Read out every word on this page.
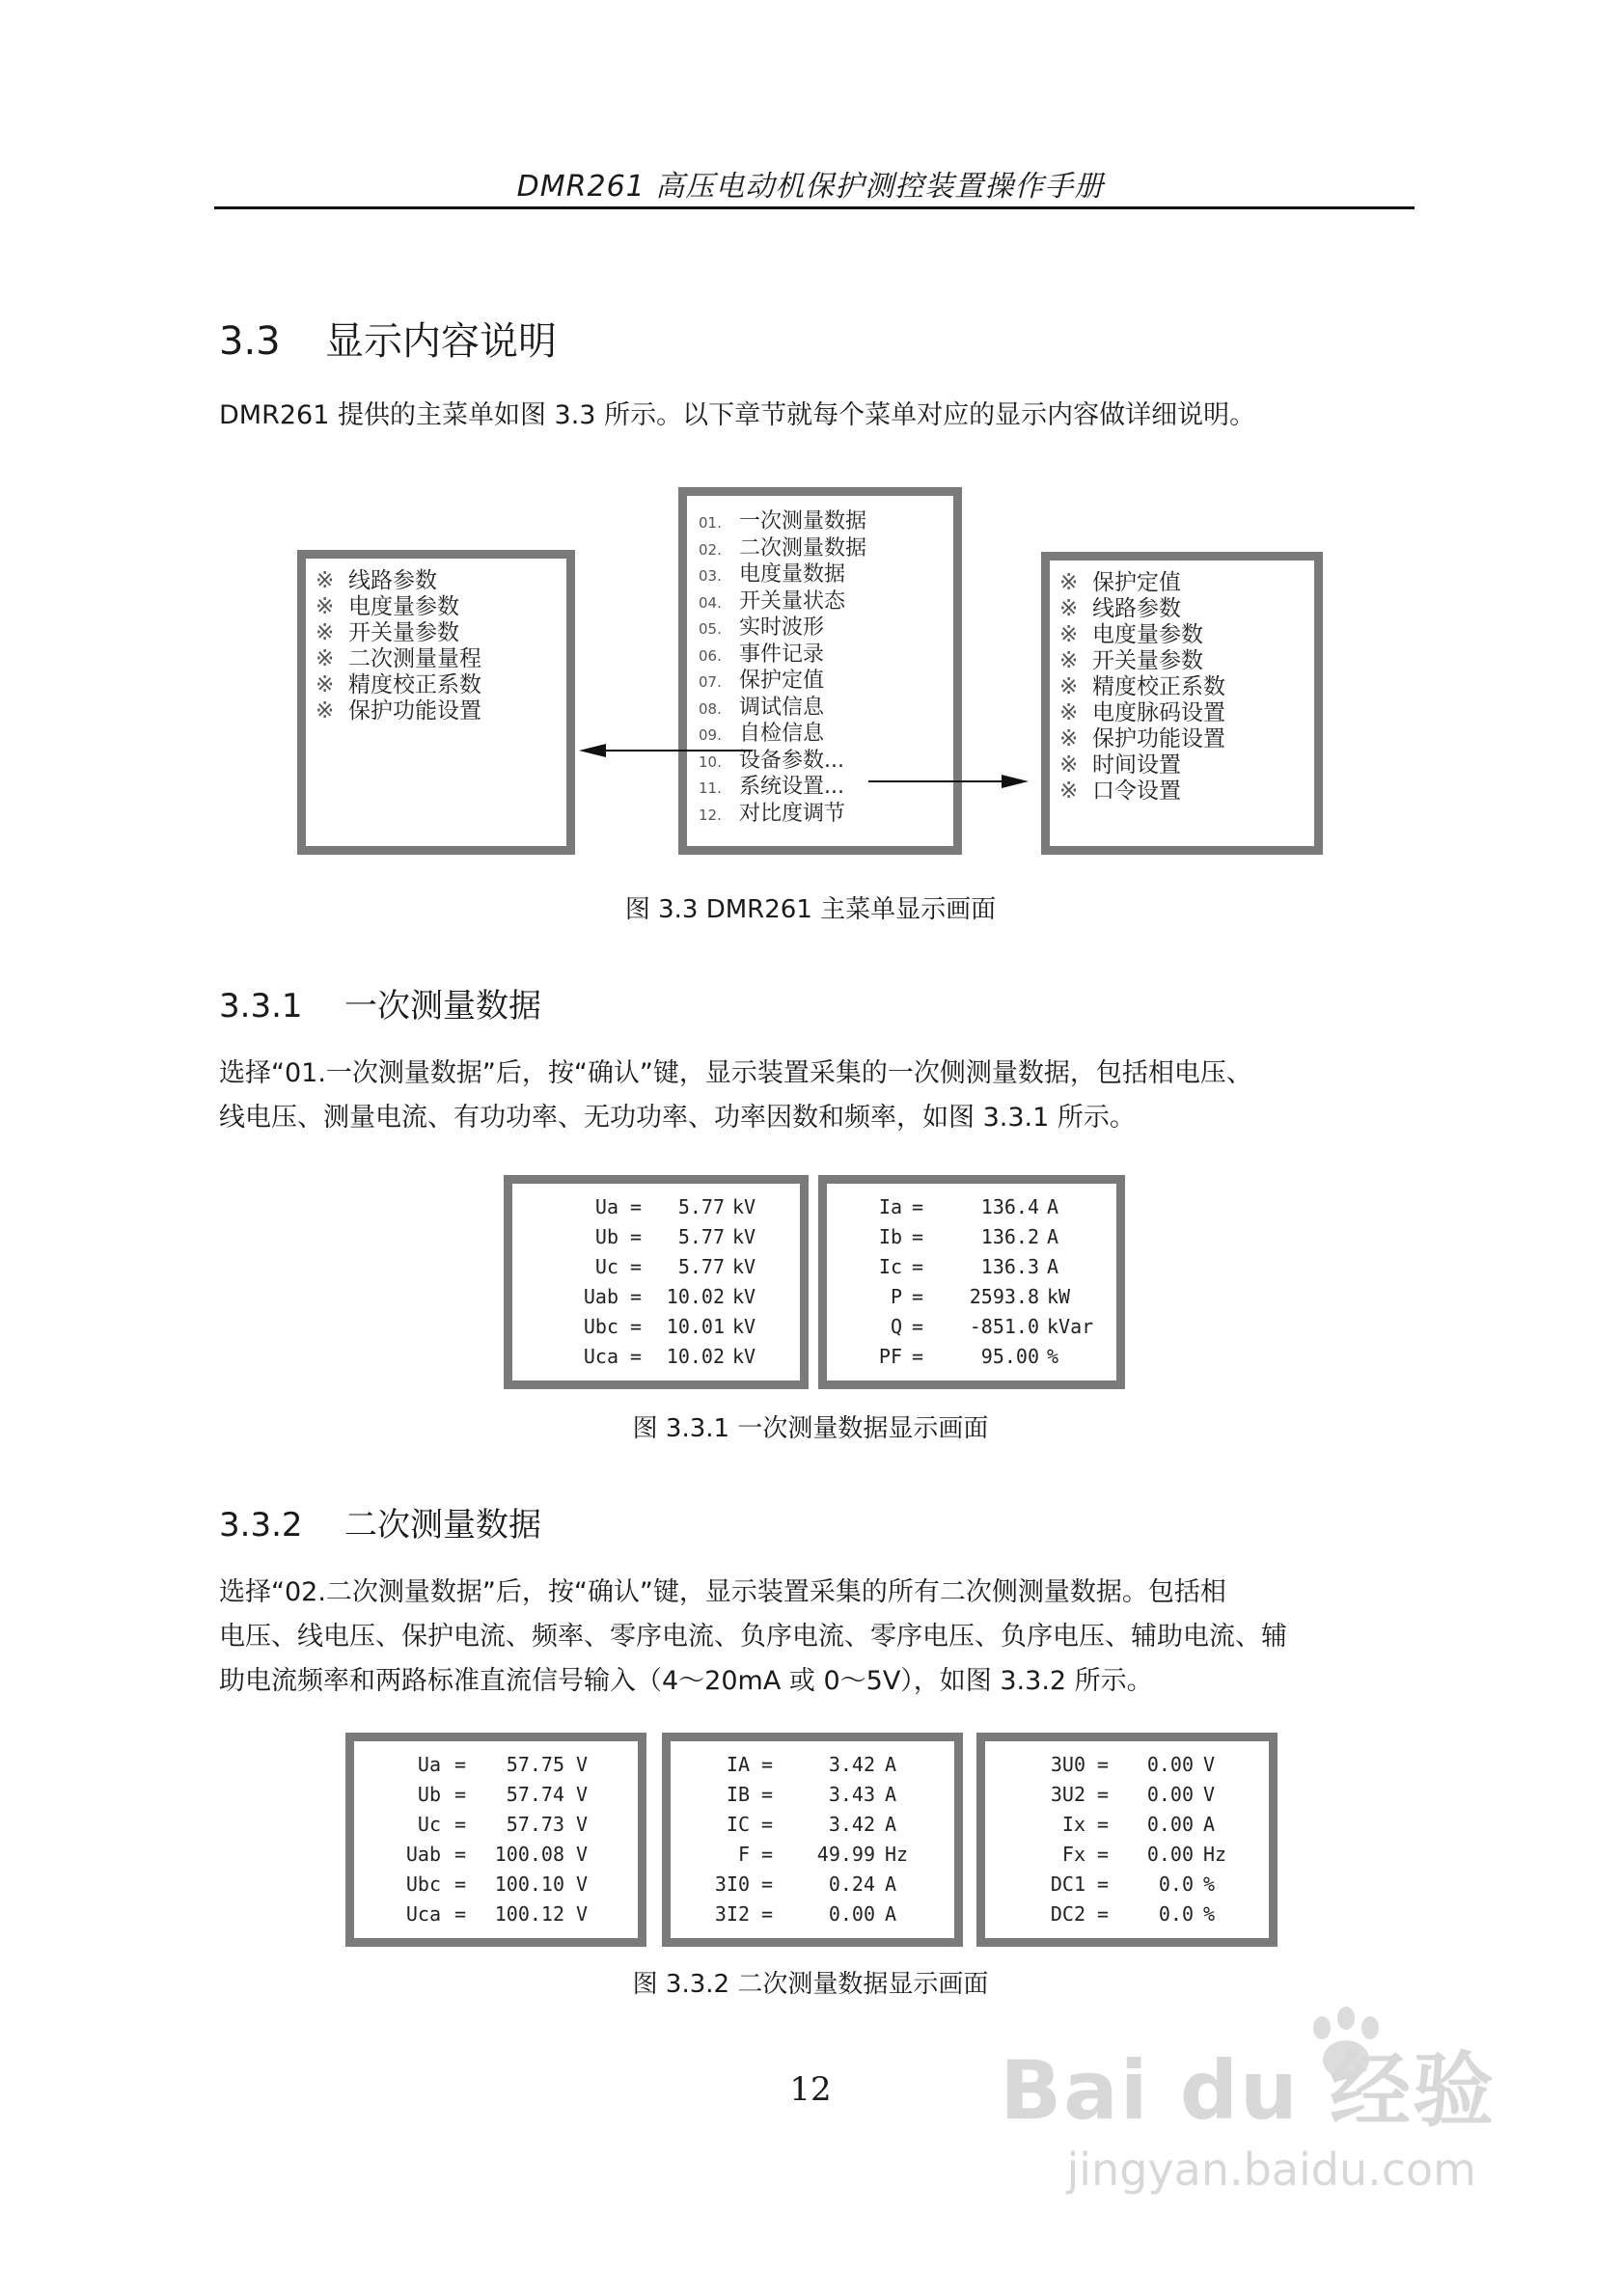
DMR261 高压电动机保护测控装置操作手册
3.3 显示内容说明
DMR261 提供的主菜单如图 3.3 所示。以下章节就每个菜单对应的显示内容做详细说明。
※ 线路参数
※ 电度量参数
※ 开关量参数
※ 二次测量量程
※ 精度校正系数
※ 保护功能设置
01. 一次测量数据
02. 二次测量数据
03. 电度量数据
04. 开关量状态
05. 实时波形
06. 事件记录
07. 保护定值
08. 调试信息
09. 自检信息
10. 设备参数...
11. 系统设置...
12. 对比度调节
※ 保护定值
※ 线路参数
※ 电度量参数
※ 开关量参数
※ 精度校正系数
※ 电度脉码设置
※ 保护功能设置
※ 时间设置
※ 口令设置
图 3.3 DMR261 主菜单显示画面
3.3.1 一次测量数据
选择“01.一次测量数据”后，按“确认”键，显示装置采集的一次侧测量数据，包括相电压、
线电压、测量电流、有功功率、无功功率、功率因数和频率，如图 3.3.1 所示。
Ua = 5.77 kV
Ub = 5.77 kV
Uc = 5.77 kV
Uab = 10.02 kV
Ubc = 10.01 kV
Uca = 10.02 kV
Ia =	136.4 A
Ib =	136.2 A
Ic =	136.3 A
P = 2593.8 kW
Q = -851.0 kVar
PF =	95.00 %
图 3.3.1 一次测量数据显示画面
3.3.2 二次测量数据
选择“02.二次测量数据”后，按“确认”键，显示装置采集的所有二次侧测量数据。包括相
电压、线电压、保护电流、频率、零序电流、负序电流、零序电压、负序电压、辅助电流、辅
助电流频率和两路标准直流信号输入（4～20mA 或 0～5V），如图 3.3.2 所示。
Ua = 57.75 V
Ub = 57.74 V
Uc = 57.73 V
Uab = 100.08 V
Ubc = 100.10 V
Uca = 100.12 V
IA =	3.42 A
IB =	3.43 A
IC =	3.42 A
F = 49.99 Hz
3I0 =	0.24 A
3I2 =	0.00 A
3U0 = 0.00 V
3U2 = 0.00 V
Ix = 0.00 A
Fx = 0.00 Hz
DC1 =	0.0 %
DC2 =	0.0 %
图 3.3.2 二次测量数据显示画面
12	Bai du 经验
jingyan.baidu.com
